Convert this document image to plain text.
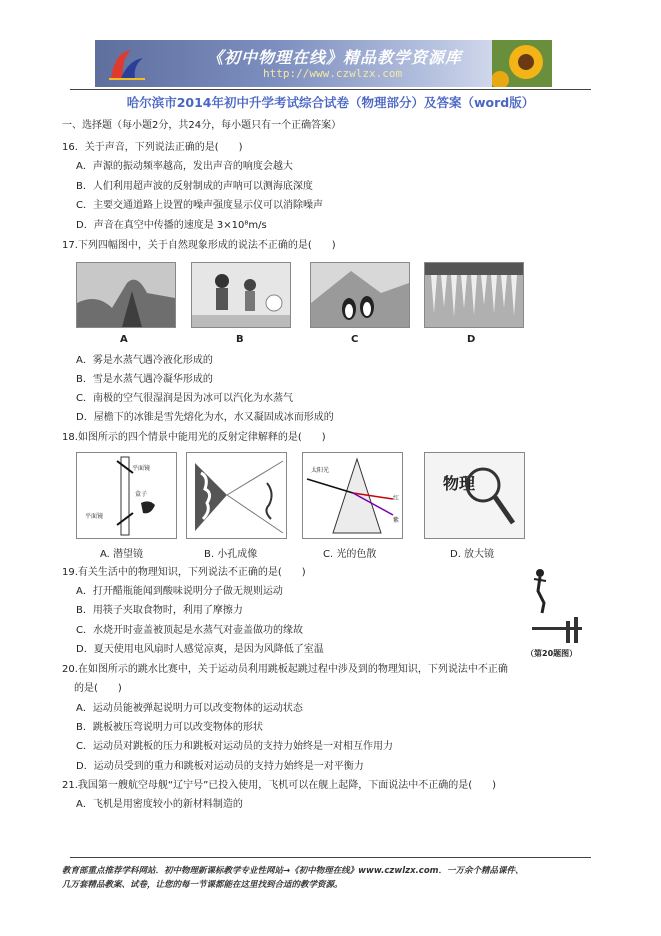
《初中物理在线》精品教学资源库
http://www.czwlzx.com
哈尔滨市2014年初中升学考试综合试卷（物理部分）及答案（word版）
一、选择题（每小题2分，共24分，每小题只有一个正确答案）
16．关于声音，下列说法正确的是(　　)
A．声源的振动频率越高，发出声音的响度会越大
B．人们利用超声波的反射制成的声呐可以测海底深度
C．主要交通道路上设置的噪声强度显示仪可以消除噪声
D．声音在真空中传播的速度是 3×10⁸m/s
17.下列四幅图中，关于自然现象形成的说法不正确的是(　　)
A	B	C	D
A．雾是水蒸气遇冷液化形成的
B．雪是水蒸气遇冷凝华形成的
C．南极的空气很湿润是因为冰可以汽化为水蒸气
D．屋檐下的冰锥是雪先熔化为水，水又凝固成冰而形成的
18.如图所示的四个情景中能用光的反射定律解释的是(　　)
平面镜
盒子
平面镜
太阳光
红
紫
物理
A. 潜望镜	B. 小孔成像	C. 光的色散	D. 放大镜
19.有关生活中的物理知识，下列说法不正确的是(　　)
A．打开醋瓶能闻到酸味说明分子做无规则运动
B．用筷子夹取食物时，利用了摩擦力
C．水烧开时壶盖被顶起是水蒸气对壶盖做功的缘故
D．夏天使用电风扇时人感觉凉爽，是因为风降低了室温	（第20题图）
20.在如图所示的跳水比赛中，关于运动员利用跳板起跳过程中涉及到的物理知识，下列说法中不正确
的是(　　)
A．运动员能被弹起说明力可以改变物体的运动状态
B．跳板被压弯说明力可以改变物体的形状
C．运动员对跳板的压力和跳板对运动员的支持力始终是一对相互作用力
D．运动员受到的重力和跳板对运动员的支持力始终是一对平衡力
21.我国第一艘航空母舰“辽宁号”已投入使用，飞机可以在舰上起降，下面说法中不正确的是(　　)
A．飞机是用密度较小的新材料制造的
教育部重点推荐学科网站．初中物理新课标教学专业性网站→《初中物理在线》www.czwlzx.com．一万余个精品课件、
几万套精品教案、试卷，让您的每一节课都能在这里找到合适的教学资源。
